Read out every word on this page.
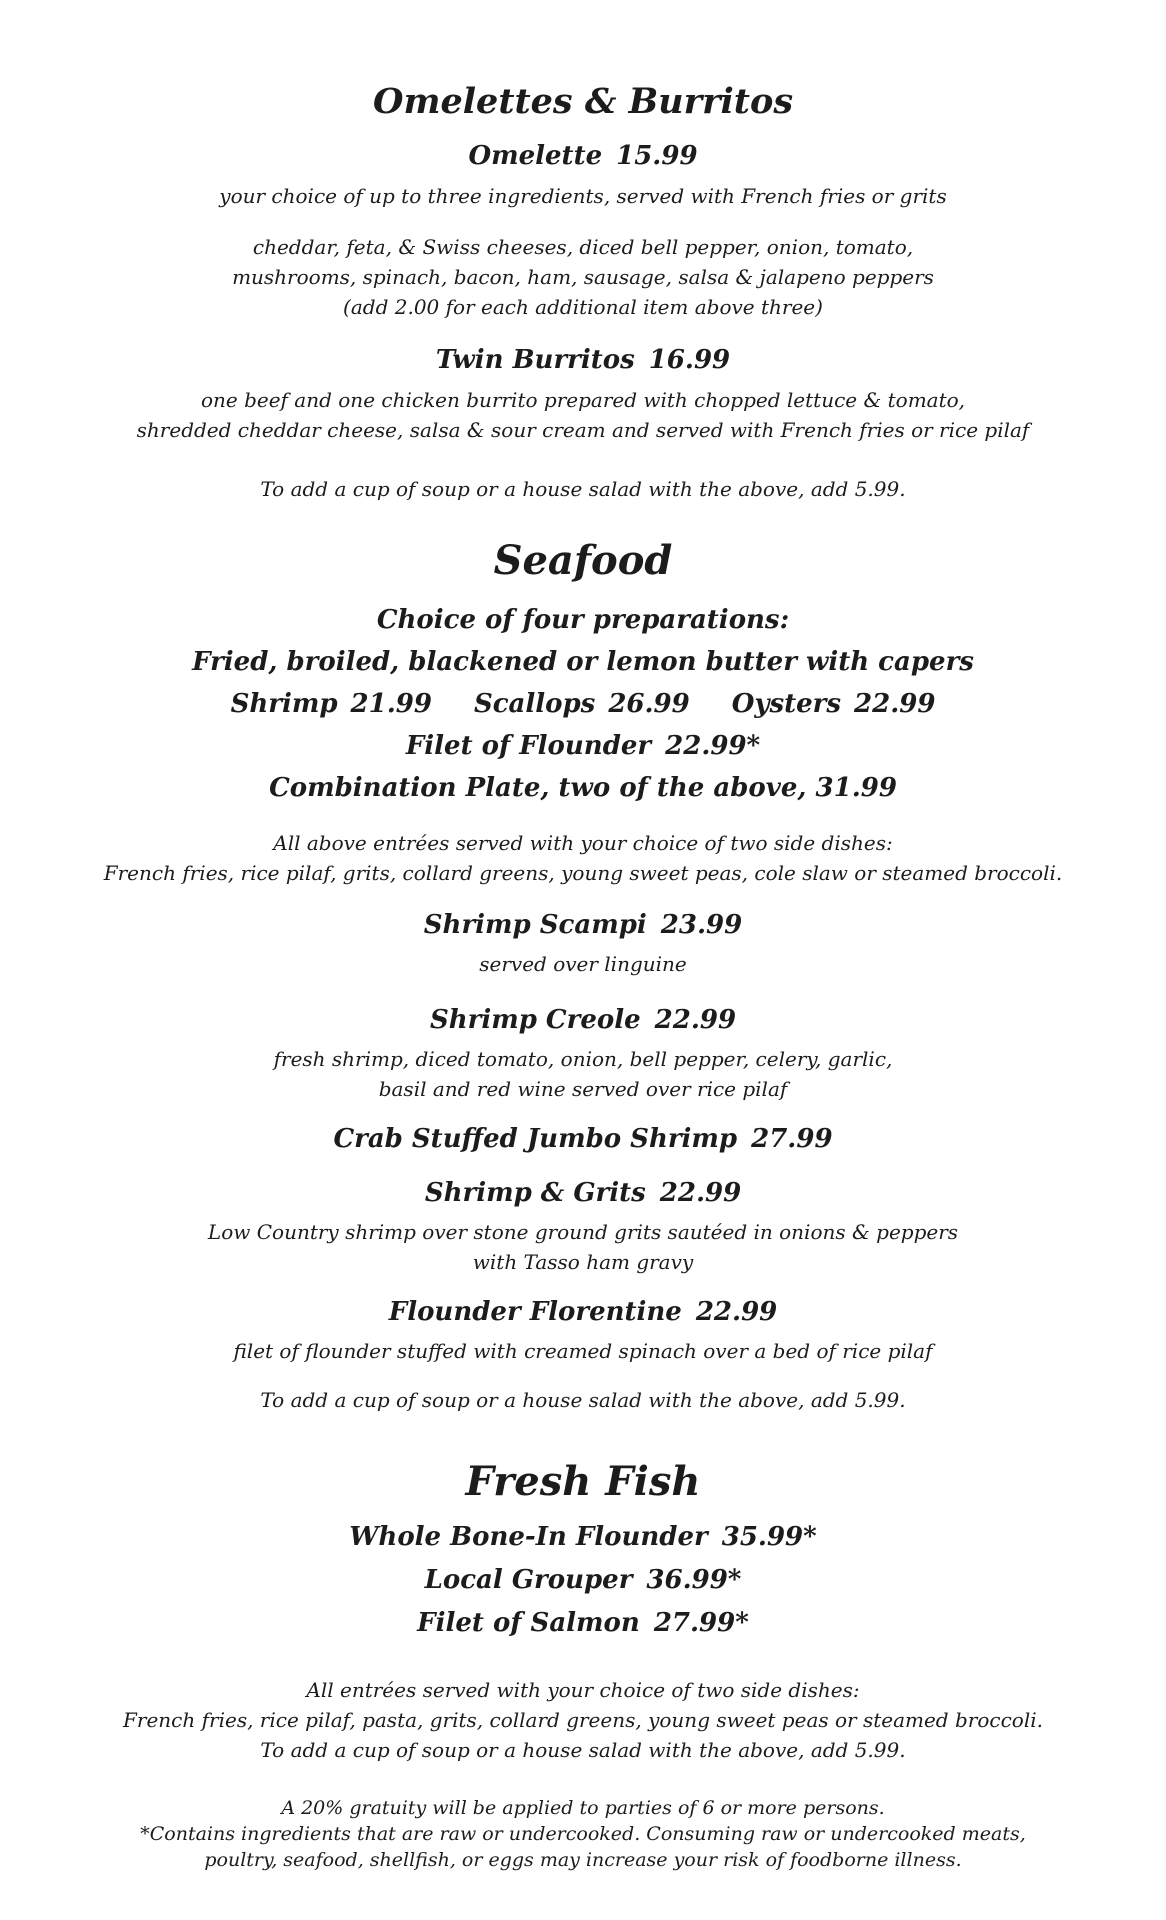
Omelettes & Burritos
Omelette 15.99

your choice of up to three ingredients, served with French fries or grits

cheddar, feta, & Swiss cheeses, diced bell pepper, onion, tomato,

mushrooms, spinach, bacon, ham, sausage, salsa & jalapeno peppers

(add 2.00 for each additional item above three)

Twin Burritos 16.99

one beef and one chicken burrito prepared with chopped lettuce & tomato,

shredded cheddar cheese, salsa & sour cream and served with French fries or rice pilaf

To add a cup of soup or a house salad with the above, add 5.99.

Seafood

Choice of four preparations:

Fried, broiled, blackened or lemon butter with capers

Shrimp 21.99 Scallops 26.99 Oysters 22.99
Filet of Flounder 22.99*

Combination Plate, two of the above, 31.99

All above entrées served with your choice of two side dishes:

French fries, rice pilaf, grits, collard greens, young sweet peas, cole slaw or steamed broccoli.

Shrimp Scampi 23.99

served over linguine

Shrimp Creole 22.99

fresh shrimp, diced tomato, onion, bell pepper, celery, garlic,

basil and red wine served over rice pilaf

Crab Stuffed Jumbo Shrimp 27.99
Shrimp & Grits 22.99

Low Country shrimp over stone ground grits sautéed in onions & peppers

with Tasso ham gravy

Flounder Florentine 22.99

filet of flounder stuffed with creamed spinach over a bed of rice pilaf

To add a cup of soup or a house salad with the above, add 5.99.

Fresh Fish
Whole Bone-In Flounder 35.99*
Local Grouper 36.99*
Filet of Salmon 27.99*

All entrées served with your choice of two side dishes:

French fries, rice pilaf, pasta, grits, collard greens, young sweet peas or steamed broccoli.

To add a cup of soup or a house salad with the above, add 5.99.

A 20% gratuity will be applied to parties of 6 or more persons.

*Contains ingredients that are raw or undercooked. Consuming raw or undercooked meats,

poultry, seafood, shellfish, or eggs may increase your risk of foodborne illness.
